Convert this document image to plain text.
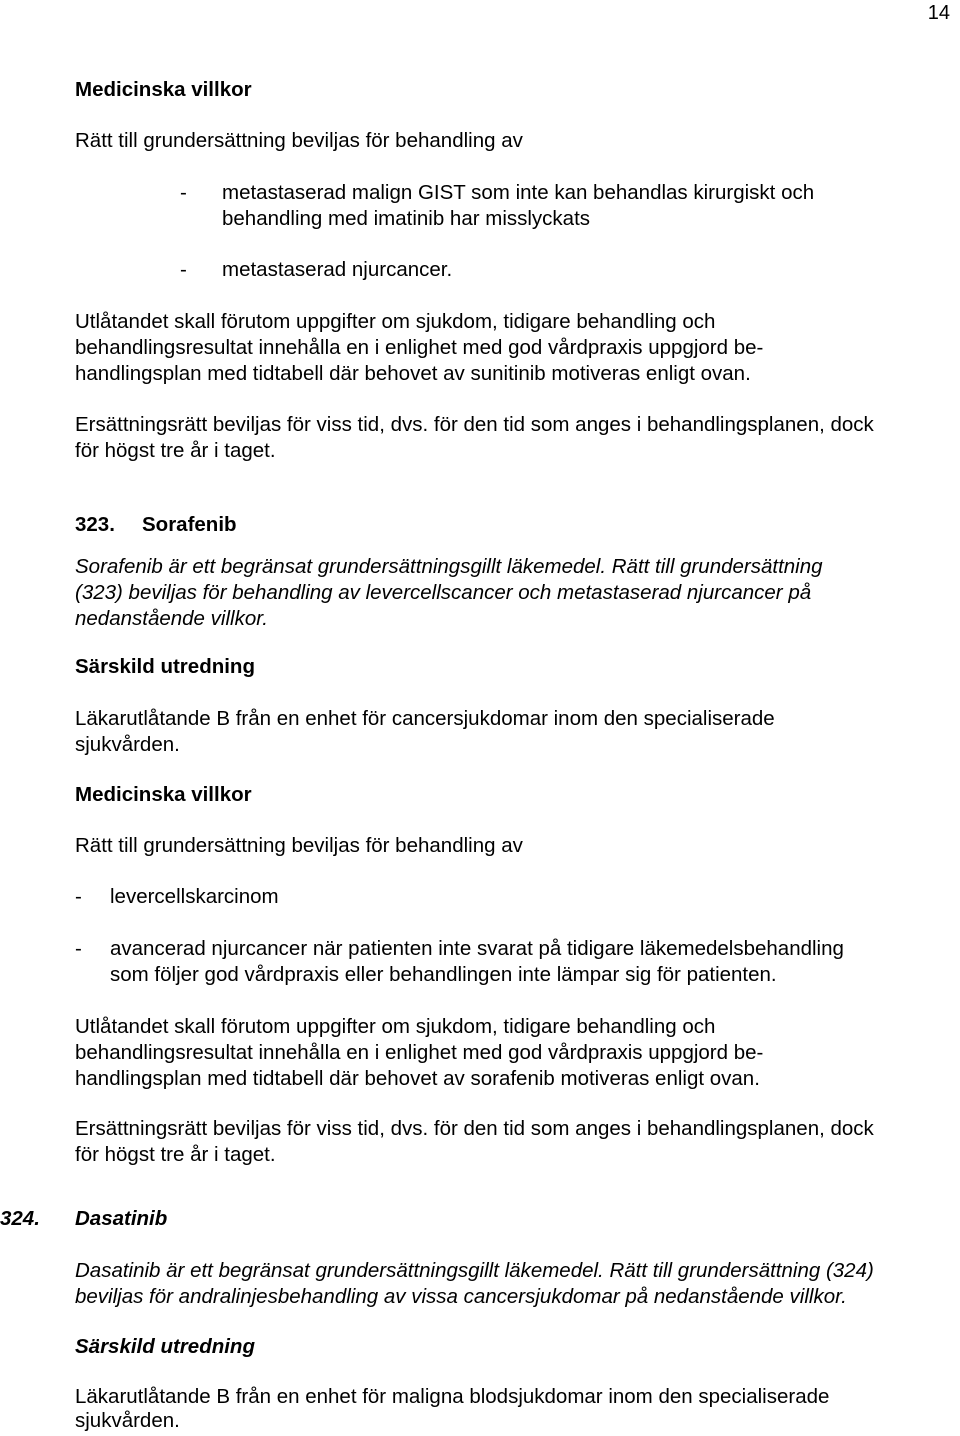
14
Medicinska villkor
Rätt till grundersättning beviljas för behandling av
- metastaserad malign GIST som inte kan behandlas kirurgiskt och
behandling med imatinib har misslyckats
- metastaserad njurcancer.
Utlåtandet skall förutom uppgifter om sjukdom, tidigare behandling och
behandlingsresultat innehålla en i enlighet med god vårdpraxis uppgjord be-
handlingsplan med tidtabell där behovet av sunitinib motiveras enligt ovan.
Ersättningsrätt beviljas för viss tid, dvs. för den tid som anges i behandlingsplanen, dock
för högst tre år i taget.
323. Sorafenib
Sorafenib är ett begränsat grundersättningsgillt läkemedel. Rätt till grundersättning
(323) beviljas för behandling av levercellscancer och metastaserad njurcancer på
nedanstående villkor.
Särskild utredning
Läkarutlåtande B från en enhet för cancersjukdomar inom den specialiserade
sjukvården.
Medicinska villkor
Rätt till grundersättning beviljas för behandling av
- levercellskarcinom
- avancerad njurcancer när patienten inte svarat på tidigare läkemedelsbehandling
som följer god vårdpraxis eller behandlingen inte lämpar sig för patienten.
Utlåtandet skall förutom uppgifter om sjukdom, tidigare behandling och
behandlingsresultat innehålla en i enlighet med god vårdpraxis uppgjord be-
handlingsplan med tidtabell där behovet av sorafenib motiveras enligt ovan.
Ersättningsrätt beviljas för viss tid, dvs. för den tid som anges i behandlingsplanen, dock
för högst tre år i taget.
324. Dasatinib
Dasatinib är ett begränsat grundersättningsgillt läkemedel. Rätt till grundersättning (324)
beviljas för andralinjesbehandling av vissa cancersjukdomar på nedanstående villkor.
Särskild utredning
Läkarutlåtande B från en enhet för maligna blodsjukdomar inom den specialiserade
sjukvården.
